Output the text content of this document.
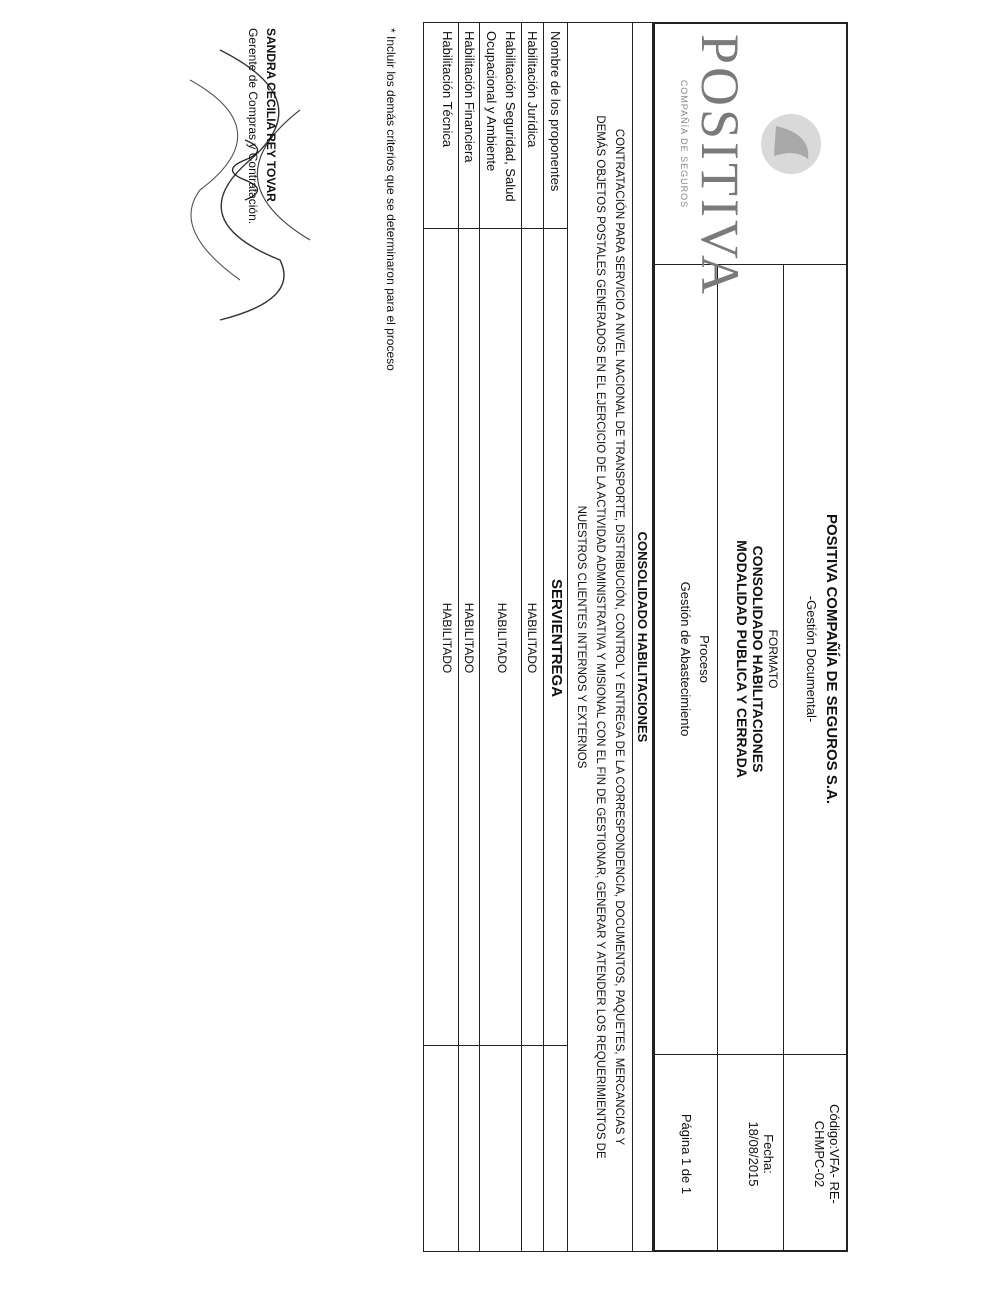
POSITIVA
COMPAÑÍA DE SEGUROS
POSITIVA COMPAÑÍA DE SEGUROS S.A.
-Gestión Documental-
FORMATO
CONSOLIDADO HABILITACIONES
MODALIDAD PUBLICA Y CERRADA
Proceso
Gestión de Abastecimiento
Código:VFA- RE-
CHMPC-02
Fecha:
18/08/2015
Página 1 de 1
CONSOLIDADO HABILITACIONES
CONTRATACIÓN PARA SERVICIO A NIVEL NACIONAL DE TRANSPORTE, DISTRIBUCIÓN, CONTROL Y ENTREGA DE LA CORRESPONDENCIA, DOCUMENTOS, PAQUETES, MERCANCIAS Y
DEMÁS OBJETOS POSTALES GENERADOS EN EL EJERCICIO DE LA ACTIVIDAD ADMINISTRATIVA Y MISIONAL CON EL FIN DE GESTIONAR, GENERAR Y ATENDER LOS REQUERIMIENTOS DE
NUESTROS CLIENTES INTERNOS Y EXTERNOS
Nombre de los proponentes
SERVIENTREGA
Habilitación Jurídica
HABILITADO
Habilitación Seguridad, Salud
Ocupacional y Ambiente
HABILITADO
Habilitación Financiera
HABILITADO
Habilitación Técnica
HABILITADO
* Incluir los demás criterios que se determinaron para el proceso
SANDRA CECILIA REY TOVAR
Gerente de Compras y Contratación.
